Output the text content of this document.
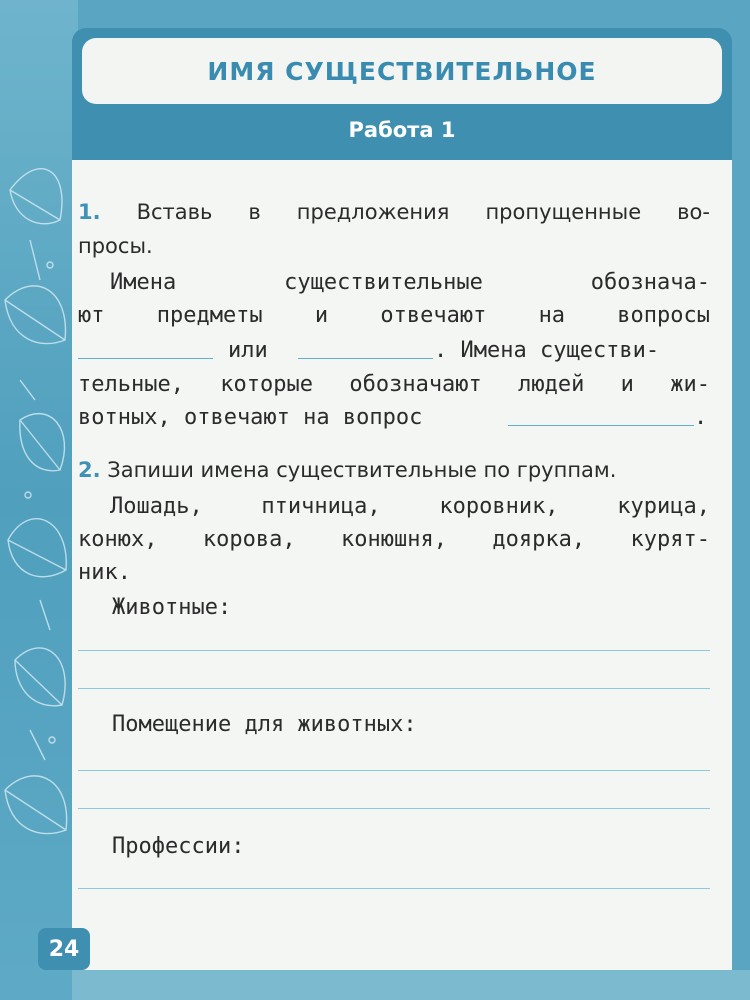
ИМЯ СУЩЕСТВИТЕЛЬНОЕ
Работа 1
1. Вставь в предложения пропущенные во-
просы.
Имена существительные обознача-
ют предметы и отвечают на вопросы
или	. Имена существи-
тельные, которые обозначают людей и жи-
вотных, отвечают на вопрос	.
2. Запиши имена существительные по группам.
Лошадь, птичница, коровник, курица,
конюх, корова, конюшня, доярка, курят-
ник.
Животные:
Помещение для животных:
Профессии:
24
